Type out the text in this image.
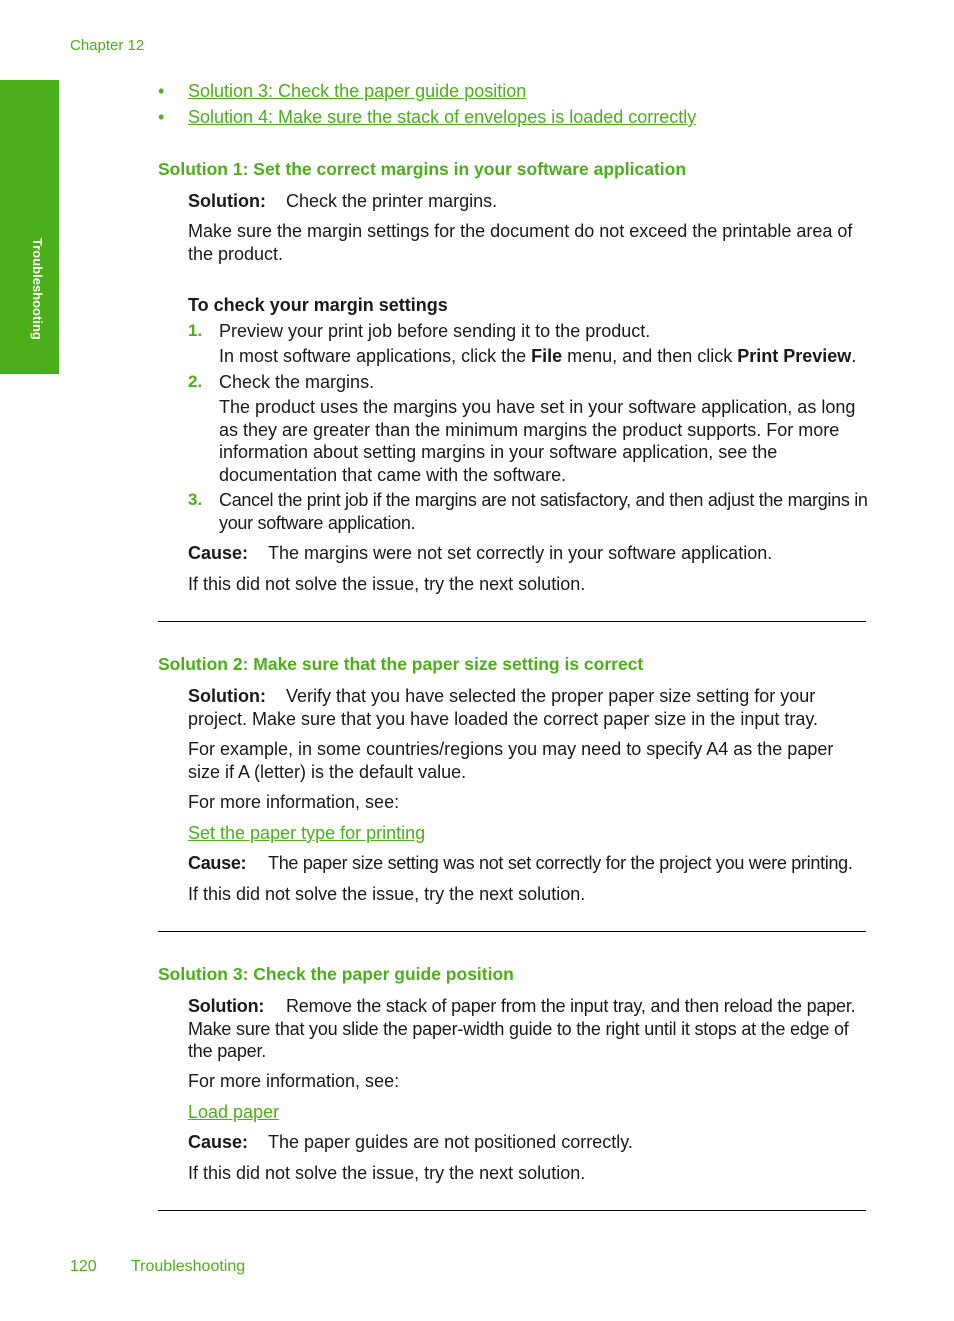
Chapter 12
Troubleshooting
•	Solution 3: Check the paper guide position
•	Solution 4: Make sure the stack of envelopes is loaded correctly
Solution 1: Set the correct margins in your software application
Solution: Check the printer margins.
Make sure the margin settings for the document do not exceed the printable area of the product.
To check your margin settings
1. Preview your print job before sending it to the product.
In most software applications, click the File menu, and then click Print Preview.
2. Check the margins.
The product uses the margins you have set in your software application, as long as they are greater than the minimum margins the product supports. For more information about setting margins in your software application, see the documentation that came with the software.
3. Cancel the print job if the margins are not satisfactory, and then adjust the margins in your software application.
Cause: The margins were not set correctly in your software application.
If this did not solve the issue, try the next solution.
Solution 2: Make sure that the paper size setting is correct
Solution: Verify that you have selected the proper paper size setting for your project. Make sure that you have loaded the correct paper size in the input tray.
For example, in some countries/regions you may need to specify A4 as the paper size if A (letter) is the default value.
For more information, see:
Set the paper type for printing
Cause: The paper size setting was not set correctly for the project you were printing.
If this did not solve the issue, try the next solution.
Solution 3: Check the paper guide position
Solution: Remove the stack of paper from the input tray, and then reload the paper. Make sure that you slide the paper-width guide to the right until it stops at the edge of the paper.
For more information, see:
Load paper
Cause: The paper guides are not positioned correctly.
If this did not solve the issue, try the next solution.
120 Troubleshooting
